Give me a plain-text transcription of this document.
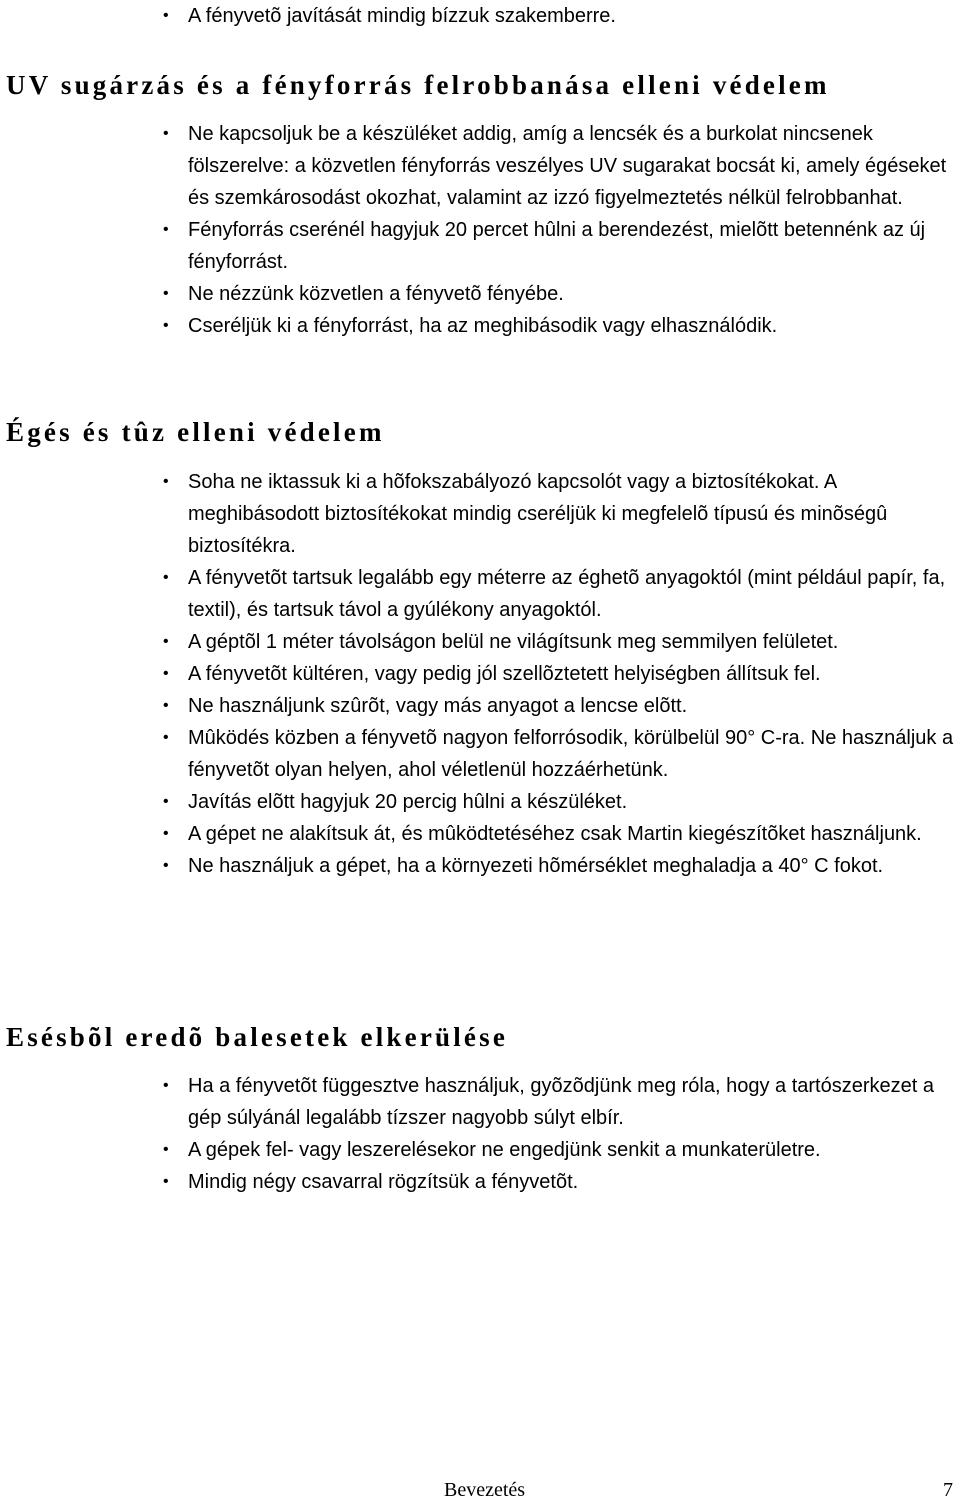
• A fényvetõ javítását mindig bízzuk szakemberre.
UV sugárzás és a fényforrás felrobbanása elleni védelem
• Ne kapcsoljuk be a készüléket addig, amíg a lencsék és a burkolat nincsenek fölszerelve: a közvetlen fényforrás veszélyes UV sugarakat bocsát ki, amely égéseket és szemkárosodást okozhat, valamint az izzó figyelmeztetés nélkül felrobbanhat.
• Fényforrás cserénél hagyjuk 20 percet hûlni a berendezést, mielõtt betennénk az új fényforrást.
• Ne nézzünk közvetlen a fényvetõ fényébe.
• Cseréljük ki a fényforrást, ha az meghibásodik vagy elhasználódik.
Égés és tûz elleni védelem
• Soha ne iktassuk ki a hõfokszabályozó kapcsolót vagy a biztosítékokat. A meghibásodott biztosítékokat mindig cseréljük ki megfelelõ típusú és minõségû biztosítékra.
• A fényvetõt tartsuk legalább egy méterre az éghetõ anyagoktól (mint például papír, fa, textil), és tartsuk távol a gyúlékony anyagoktól.
• A géptõl 1 méter távolságon belül ne világítsunk meg semmilyen felületet.
• A fényvetõt kültéren, vagy pedig jól szellõztetett helyiségben állítsuk fel.
• Ne használjunk szûrõt, vagy más anyagot a lencse elõtt.
• Mûködés közben a fényvetõ nagyon felforrósodik, körülbelül 90° C-ra. Ne használjuk a fényvetõt olyan helyen, ahol véletlenül hozzáérhetünk.
• Javítás elõtt hagyjuk 20 percig hûlni a készüléket.
• A gépet ne alakítsuk át, és mûködtetéséhez csak Martin kiegészítõket használjunk.
• Ne használjuk a gépet, ha a környezeti hõmérséklet meghaladja a 40° C fokot.
Esésbõl eredõ balesetek elkerülése
• Ha a fényvetõt függesztve használjuk, gyõzõdjünk meg róla, hogy a tartószerkezet a gép súlyánál legalább tízszer nagyobb súlyt elbír.
• A gépek fel- vagy leszerelésekor ne engedjünk senkit a munkaterületre.
• Mindig négy csavarral rögzítsük a fényvetõt.
Bevezetés	7
